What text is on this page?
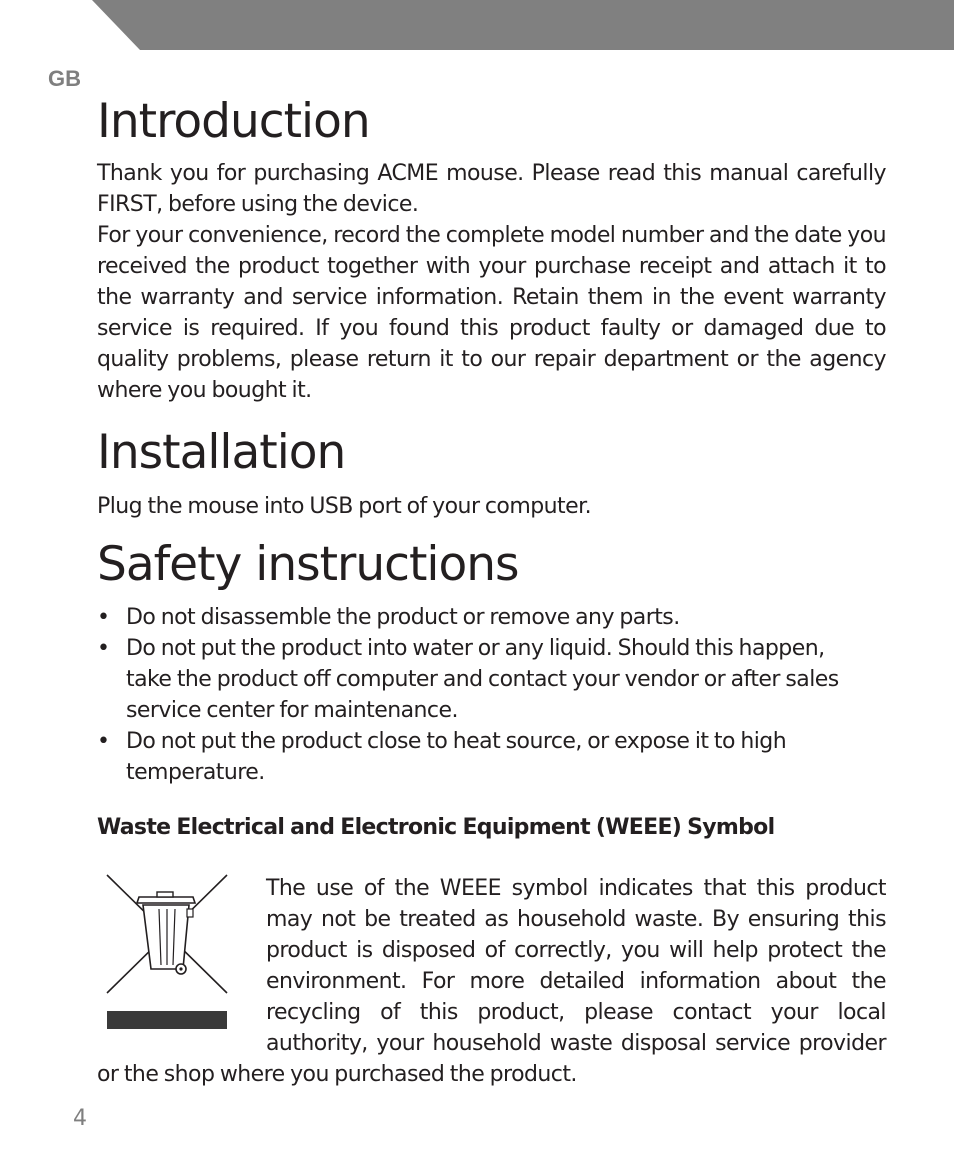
GB
Introduction

Thank you for purchasing ACME mouse. Please read this manual carefully FIRST, before using the device.

For your convenience, record the complete model number and the date you received the product together with your purchase receipt and attach it to the warranty and service information. Retain them in the event warranty service is required. If you found this product faulty or damaged due to quality problems, please return it to our repair department or the agency where you bought it.

Installation

Plug the mouse into USB port of your computer.

Safety instructions
• Do not disassemble the product or remove any parts.
• Do not put the product into water or any liquid. Should this happen, take the product off computer and contact your vendor or after sales service center for maintenance.
• Do not put the product close to heat source, or expose it to high temperature.

Waste Electrical and Electronic Equipment (WEEE) Symbol

The use of the WEEE symbol indicates that this product may not be treated as household waste. By ensuring this product is disposed of correctly, you will help protect the environment. For more detailed information about the recycling of this product, please contact your local authority, your household waste disposal service provider or the shop where you purchased the product.
4
